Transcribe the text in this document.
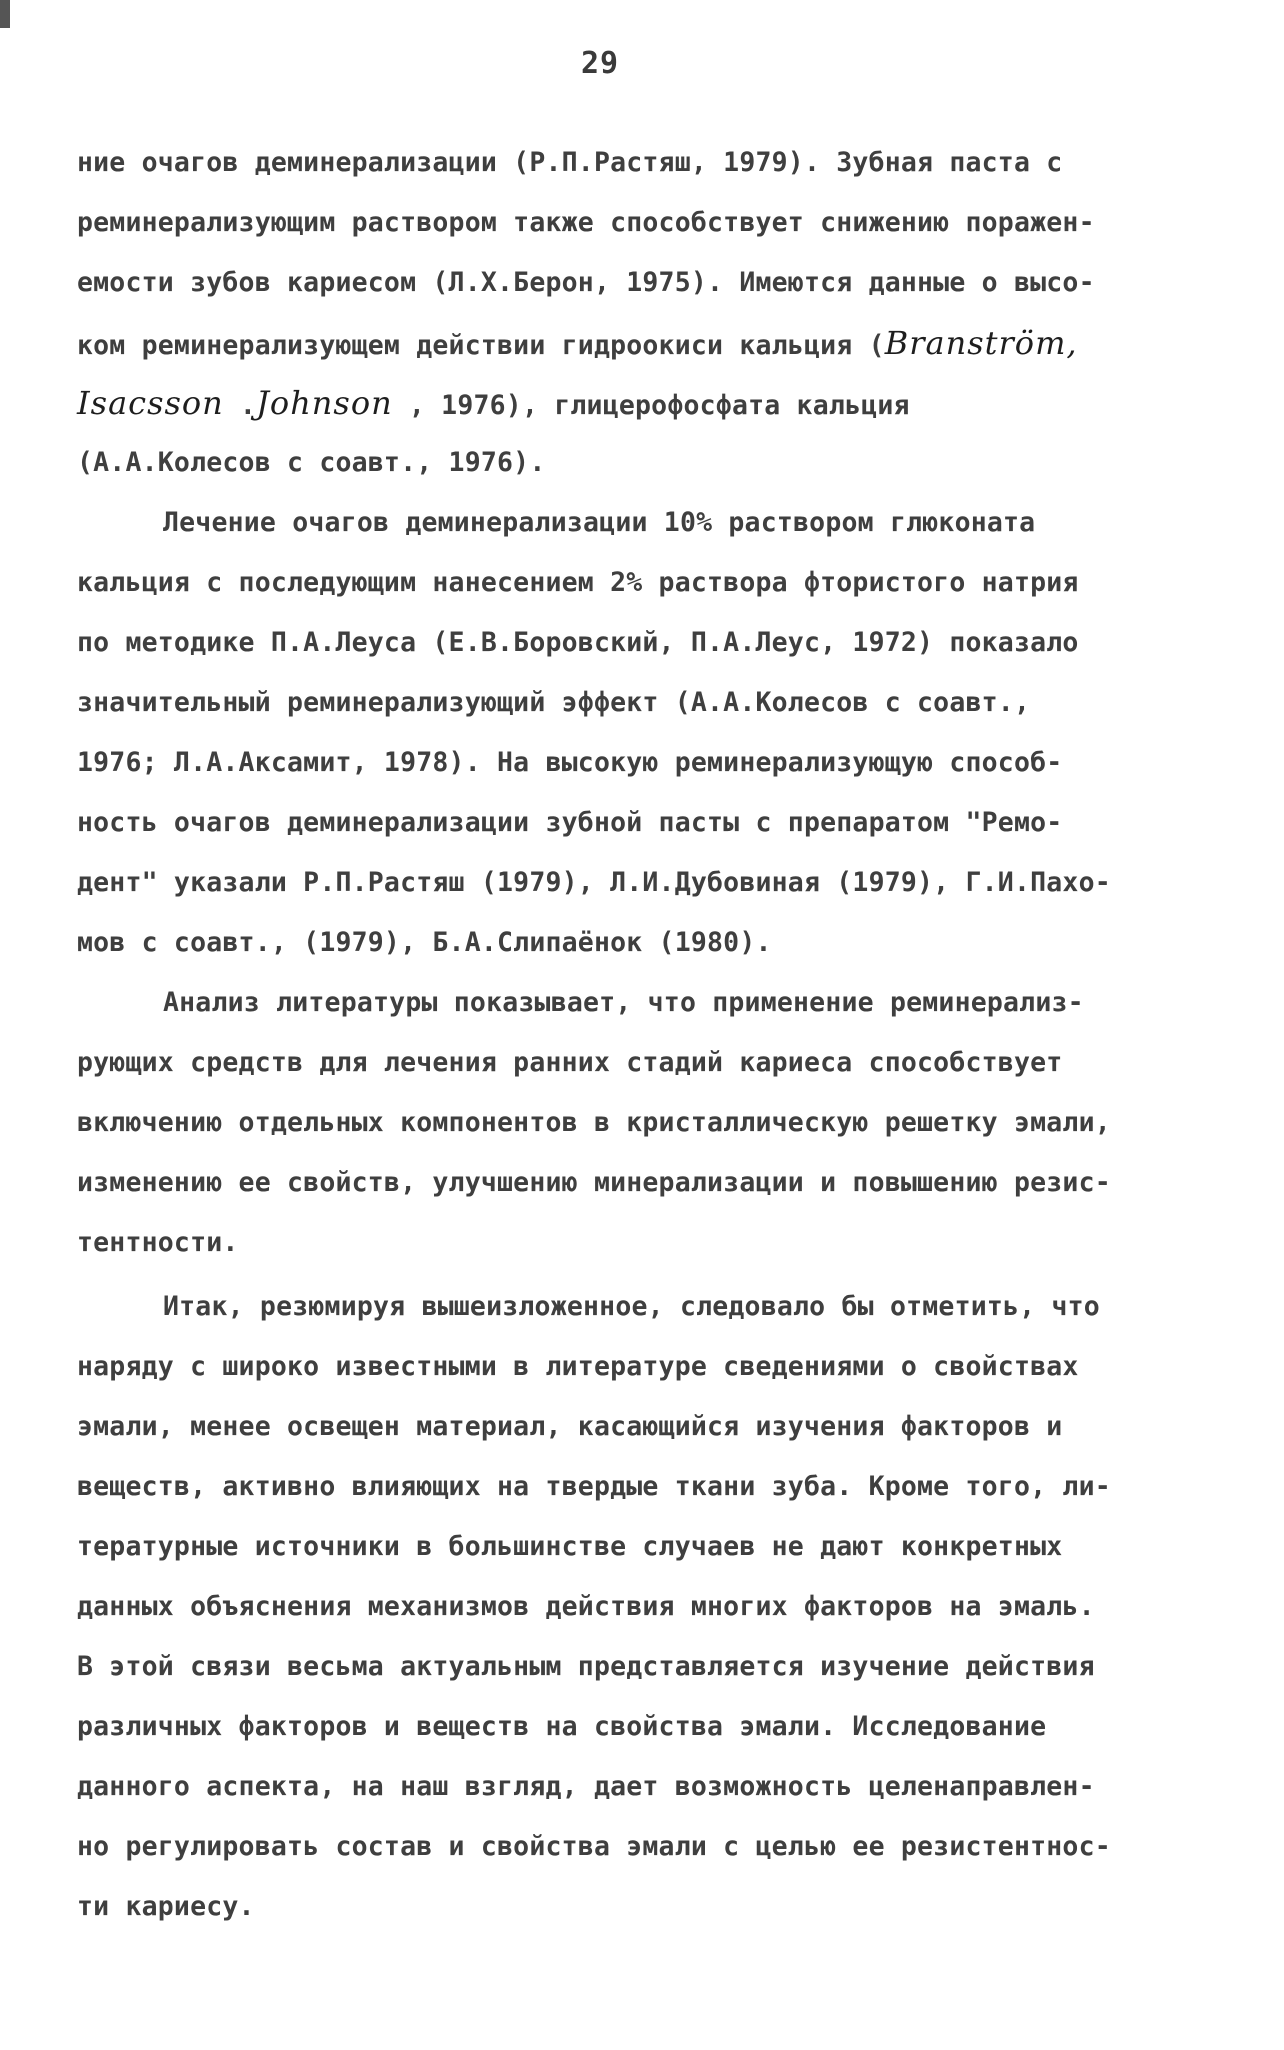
29
ние очагов деминерализации (Р.П.Растяш, 1979). Зубная паста с
реминерализующим раствором также способствует снижению поражен-
емости зубов кариесом (Л.Х.Берон, 1975). Имеются данные о высо-
ком реминерализующем действии гидроокиси кальция (Branström,
Isacsson .Johnson , 1976), глицерофосфата кальция
(А.А.Колесов с соавт., 1976).
Лечение очагов деминерализации 10% раствором глюконата
кальция с последующим нанесением 2% раствора фтористого натрия
по методике П.А.Леуса (Е.В.Боровский, П.А.Леус, 1972) показало
значительный реминерализующий эффект (А.А.Колесов с соавт.,
1976; Л.А.Аксамит, 1978). На высокую реминерализующую способ-
ность очагов деминерализации зубной пасты с препаратом "Ремо-
дент" указали Р.П.Растяш (1979), Л.И.Дубовиная (1979), Г.И.Пахо-
мов с соавт., (1979), Б.А.Слипаёнок (1980).
Анализ литературы показывает, что применение реминерализ-
рующих средств для лечения ранних стадий кариеса способствует
включению отдельных компонентов в кристаллическую решетку эмали,
изменению ее свойств, улучшению минерализации и повышению резис-
тентности.
Итак, резюмируя вышеизложенное, следовало бы отметить, что
наряду с широко известными в литературе сведениями о свойствах
эмали, менее освещен материал, касающийся изучения факторов и
веществ, активно влияющих на твердые ткани зуба. Кроме того, ли-
тературные источники в большинстве случаев не дают конкретных
данных объяснения механизмов действия многих факторов на эмаль.
В этой связи весьма актуальным представляется изучение действия
различных факторов и веществ на свойства эмали. Исследование
данного аспекта, на наш взгляд, дает возможность целенаправлен-
но регулировать состав и свойства эмали с целью ее резистентнос-
ти кариесу.
